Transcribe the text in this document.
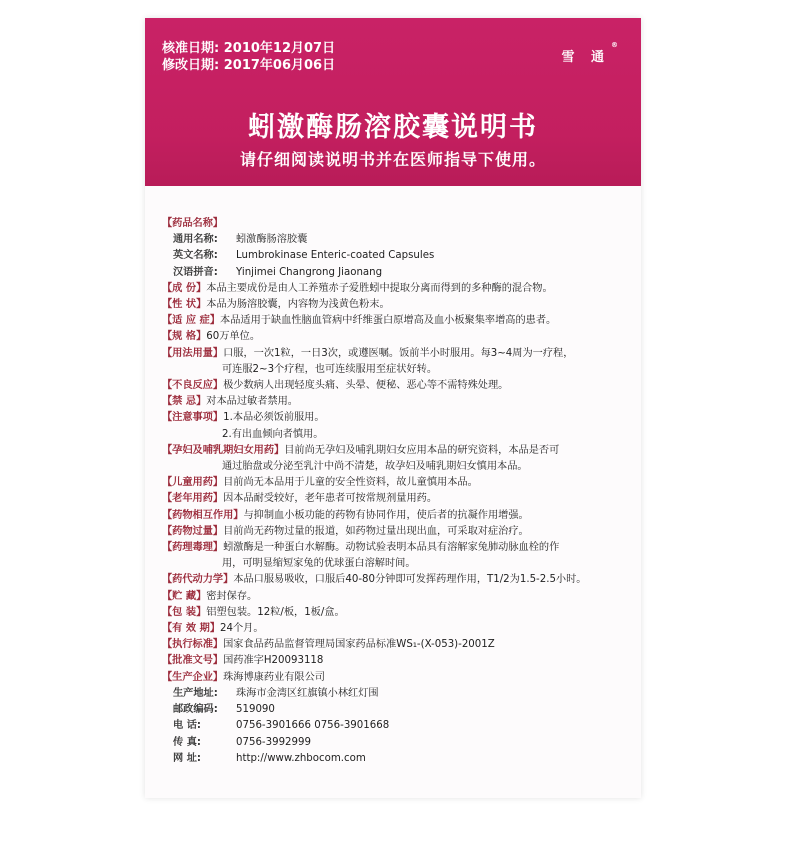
核准日期: 2010年12月07日
修改日期: 2017年06月06日
雪 通
®
蚓激酶肠溶胶囊说明书
请仔细阅读说明书并在医师指导下使用。
【药品名称】
通用名称:	蚓激酶肠溶胶囊
英文名称:	Lumbrokinase Enteric-coated Capsules
汉语拼音:	Yinjimei Changrong Jiaonang
【成 份】 本品主要成份是由人工养殖赤子爱胜蚓中提取分离而得到的多种酶的混合物。
【性 状】 本品为肠溶胶囊，内容物为浅黄色粉末。
【适 应 症】 本品适用于缺血性脑血管病中纤维蛋白原增高及血小板聚集率增高的患者。
【规 格】 60万单位。
【用法用量】 口服，一次1粒，一日3次，或遵医嘱。饭前半小时服用。每3~4周为一疗程，
可连服2~3个疗程，也可连续服用至症状好转。
【不良反应】 极少数病人出现轻度头痛、头晕、便秘、恶心等不需特殊处理。
【禁 忌】 对本品过敏者禁用。
【注意事项】 1.本品必须饭前服用。
2.有出血倾向者慎用。
【孕妇及哺乳期妇女用药】 目前尚无孕妇及哺乳期妇女应用本品的研究资料，本品是否可
通过胎盘或分泌至乳汁中尚不清楚，故孕妇及哺乳期妇女慎用本品。
【儿童用药】 目前尚无本品用于儿童的安全性资料，故儿童慎用本品。
【老年用药】 因本品耐受较好，老年患者可按常规剂量用药。
【药物相互作用】 与抑制血小板功能的药物有协同作用，使后者的抗凝作用增强。
【药物过量】 目前尚无药物过量的报道，如药物过量出现出血，可采取对症治疗。
【药理毒理】 蚓激酶是一种蛋白水解酶。动物试验表明本品具有溶解家兔肺动脉血栓的作
用，可明显缩短家兔的优球蛋白溶解时间。
【药代动力学】 本品口服易吸收，口服后40-80分钟即可发挥药理作用，T1/2为1.5-2.5小时。
【贮 藏】 密封保存。
【包 装】 铝塑包装。12粒/板，1板/盒。
【有 效 期】 24个月。
【执行标准】 国家食品药品监督管理局国家药品标准WS₁-(X-053)-2001Z
【批准文号】 国药准字H20093118
【生产企业】 珠海博康药业有限公司
生产地址:	珠海市金湾区红旗镇小林红灯围
邮政编码:	519090
电 话:	0756-3901666 0756-3901668
传 真:	0756-3992999
网 址:	http://www.zhbocom.com
